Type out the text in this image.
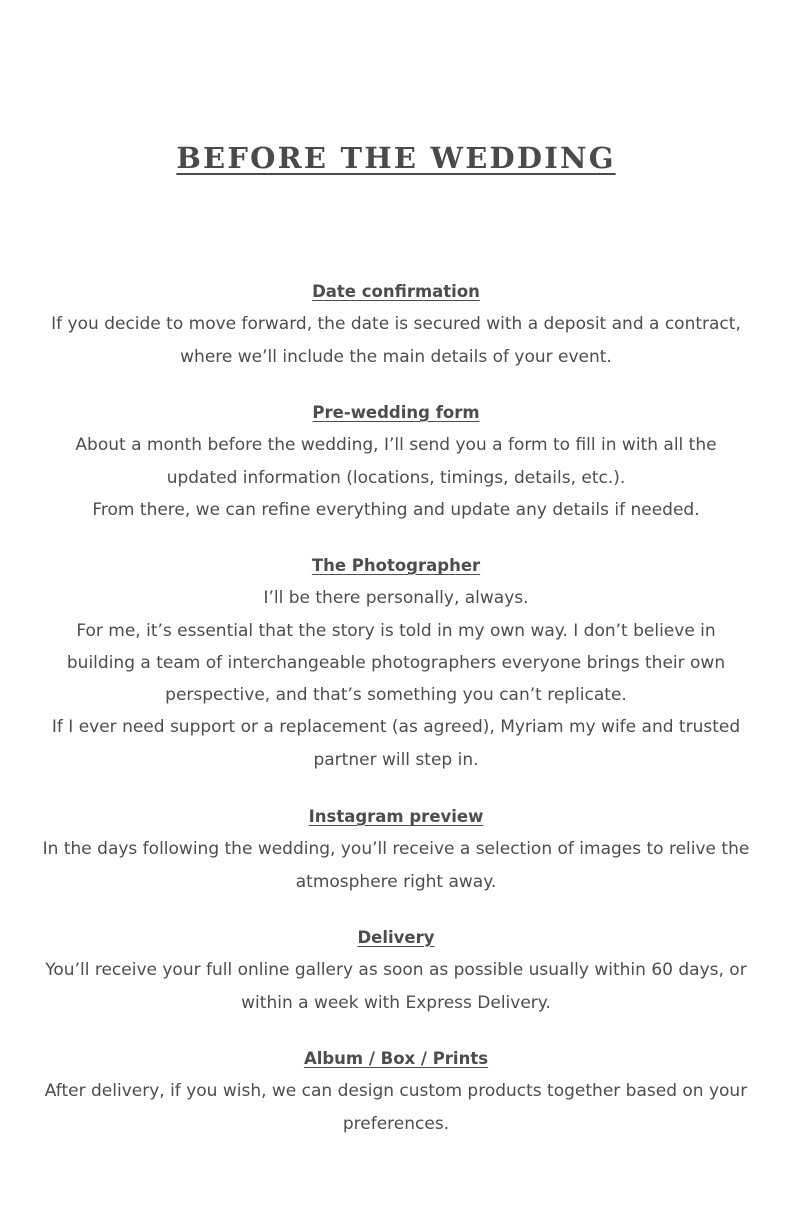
BEFORE THE WEDDING

Date confirmation

If you decide to move forward, the date is secured with a deposit and a contract, where we’ll include the main details of your event.

Pre-wedding form

About a month before the wedding, I’ll send you a form to fill in with all the updated information (locations, timings, details, etc.).

From there, we can refine everything and update any details if needed.

The Photographer

I’ll be there personally, always.

For me, it’s essential that the story is told in my own way. I don’t believe in building a team of interchangeable photographers everyone brings their own perspective, and that’s something you can’t replicate.

If I ever need support or a replacement (as agreed), Myriam my wife and trusted partner will step in.

Instagram preview

In the days following the wedding, you’ll receive a selection of images to relive the atmosphere right away.

Delivery

You’ll receive your full online gallery as soon as possible usually within 60 days, or within a week with Express Delivery.

Album / Box / Prints

After delivery, if you wish, we can design custom products together based on your preferences.
